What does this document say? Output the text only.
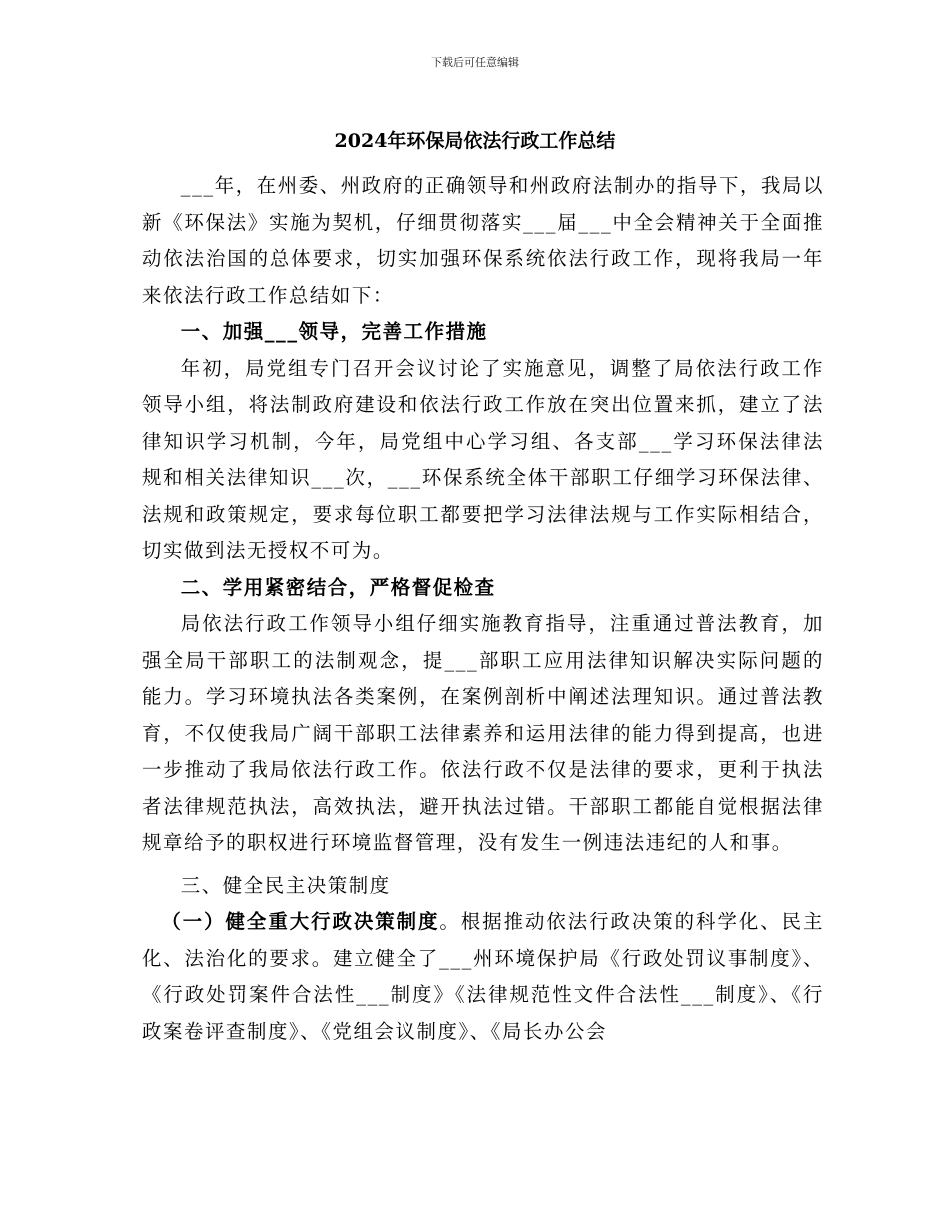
下载后可任意编辑
2024年环保局依法行政工作总结

___年，在州委、州政府的正确领导和州政府法制办的指导下，我局以新《环保法》实施为契机，仔细贯彻落实___届___中全会精神关于全面推动依法治国的总体要求，切实加强环保系统依法行政工作，现将我局一年来依法行政工作总结如下：

一、加强___领导，完善工作措施

年初，局党组专门召开会议讨论了实施意见，调整了局依法行政工作领导小组，将法制政府建设和依法行政工作放在突出位置来抓，建立了法律知识学习机制，今年，局党组中心学习组、各支部___学习环保法律法规和相关法律知识___次，___环保系统全体干部职工仔细学习环保法律、法规和政策规定，要求每位职工都要把学习法律法规与工作实际相结合，切实做到法无授权不可为。

二、学用紧密结合，严格督促检查

局依法行政工作领导小组仔细实施教育指导，注重通过普法教育，加强全局干部职工的法制观念，提___部职工应用法律知识解决实际问题的能力。学习环境执法各类案例，在案例剖析中阐述法理知识。通过普法教育，不仅使我局广阔干部职工法律素养和运用法律的能力得到提高，也进一步推动了我局依法行政工作。依法行政不仅是法律的要求，更利于执法者法律规范执法，高效执法，避开执法过错。干部职工都能自觉根据法律规章给予的职权进行环境监督管理，没有发生一例违法违纪的人和事。

三、健全民主决策制度

（一）健全重大行政决策制度。根据推动依法行政决策的科学化、民主化、法治化的要求。建立健全了___州环境保护局《行政处罚议事制度》、《行政处罚案件合法性___制度》《法律规范性文件合法性___制度》、《行政案卷评查制度》、《党组会议制度》、《局长办公会
